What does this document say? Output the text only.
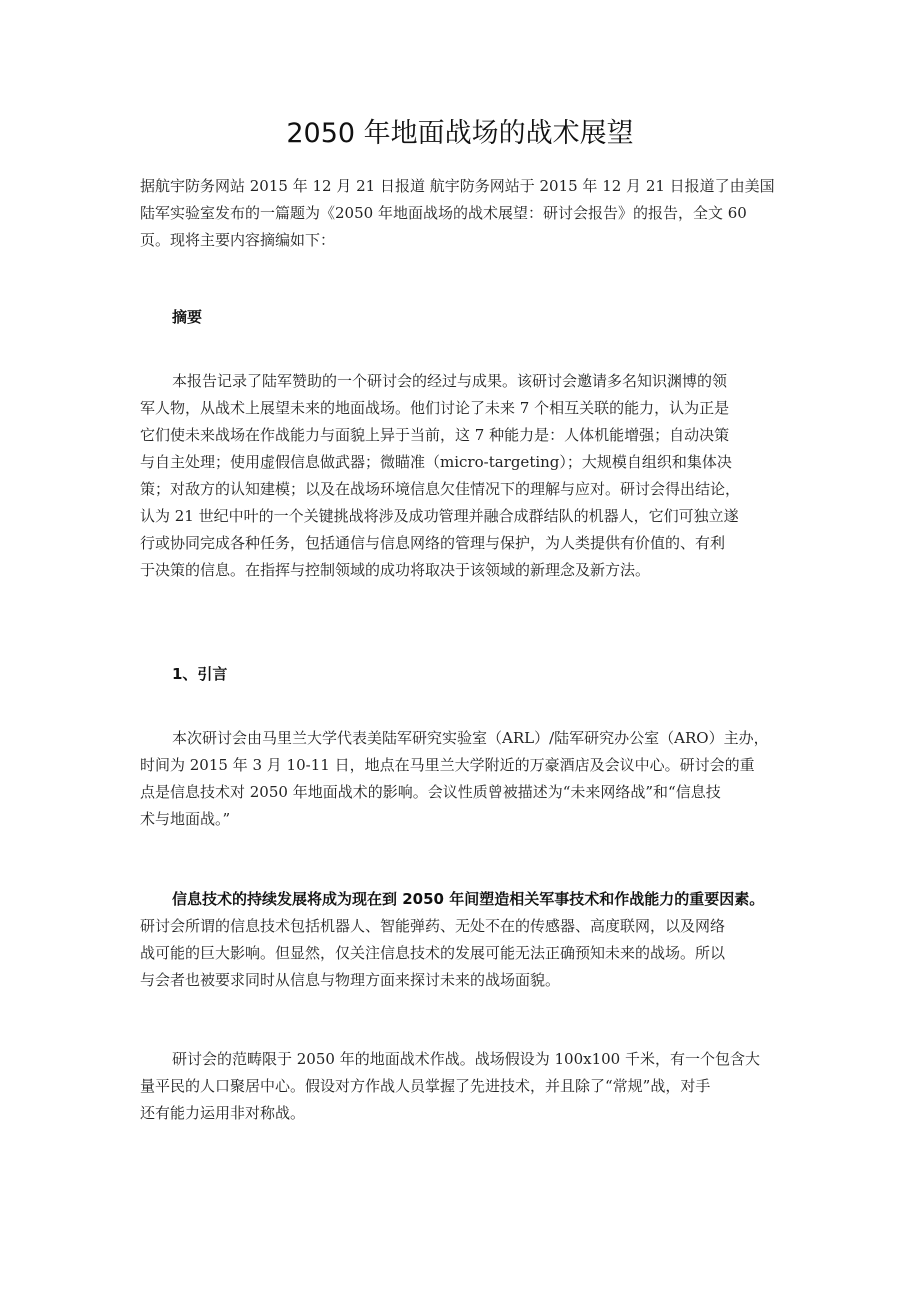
2050 年地面战场的战术展望
据航宇防务网站 2015 年 12 月 21 日报道 航宇防务网站于 2015 年 12 月 21 日报道了由美国
陆军实验室发布的一篇题为《2050 年地面战场的战术展望：研讨会报告》的报告，全文 60
页。现将主要内容摘编如下：
摘要
本报告记录了陆军赞助的一个研讨会的经过与成果。该研讨会邀请多名知识渊博的领
军人物，从战术上展望未来的地面战场。他们讨论了未来 7 个相互关联的能力，认为正是
它们使未来战场在作战能力与面貌上异于当前，这 7 种能力是：人体机能增强；自动决策
与自主处理；使用虚假信息做武器；微瞄准（micro-targeting）；大规模自组织和集体决
策；对敌方的认知建模；以及在战场环境信息欠佳情况下的理解与应对。研讨会得出结论，
认为 21 世纪中叶的一个关键挑战将涉及成功管理并融合成群结队的机器人，它们可独立遂
行或协同完成各种任务，包括通信与信息网络的管理与保护，为人类提供有价值的、有利
于决策的信息。在指挥与控制领域的成功将取决于该领域的新理念及新方法。
1、引言
本次研讨会由马里兰大学代表美陆军研究实验室（ARL）/陆军研究办公室（ARO）主办，
时间为 2015 年 3 月 10-11 日，地点在马里兰大学附近的万豪酒店及会议中心。研讨会的重
点是信息技术对 2050 年地面战术的影响。会议性质曾被描述为“未来网络战”和“信息技
术与地面战。”
信息技术的持续发展将成为现在到 2050 年间塑造相关军事技术和作战能力的重要因素。
研讨会所谓的信息技术包括机器人、智能弹药、无处不在的传感器、高度联网，以及网络
战可能的巨大影响。但显然，仅关注信息技术的发展可能无法正确预知未来的战场。所以
与会者也被要求同时从信息与物理方面来探讨未来的战场面貌。
研讨会的范畴限于 2050 年的地面战术作战。战场假设为 100x100 千米，有一个包含大
量平民的人口聚居中心。假设对方作战人员掌握了先进技术，并且除了“常规”战，对手
还有能力运用非对称战。
